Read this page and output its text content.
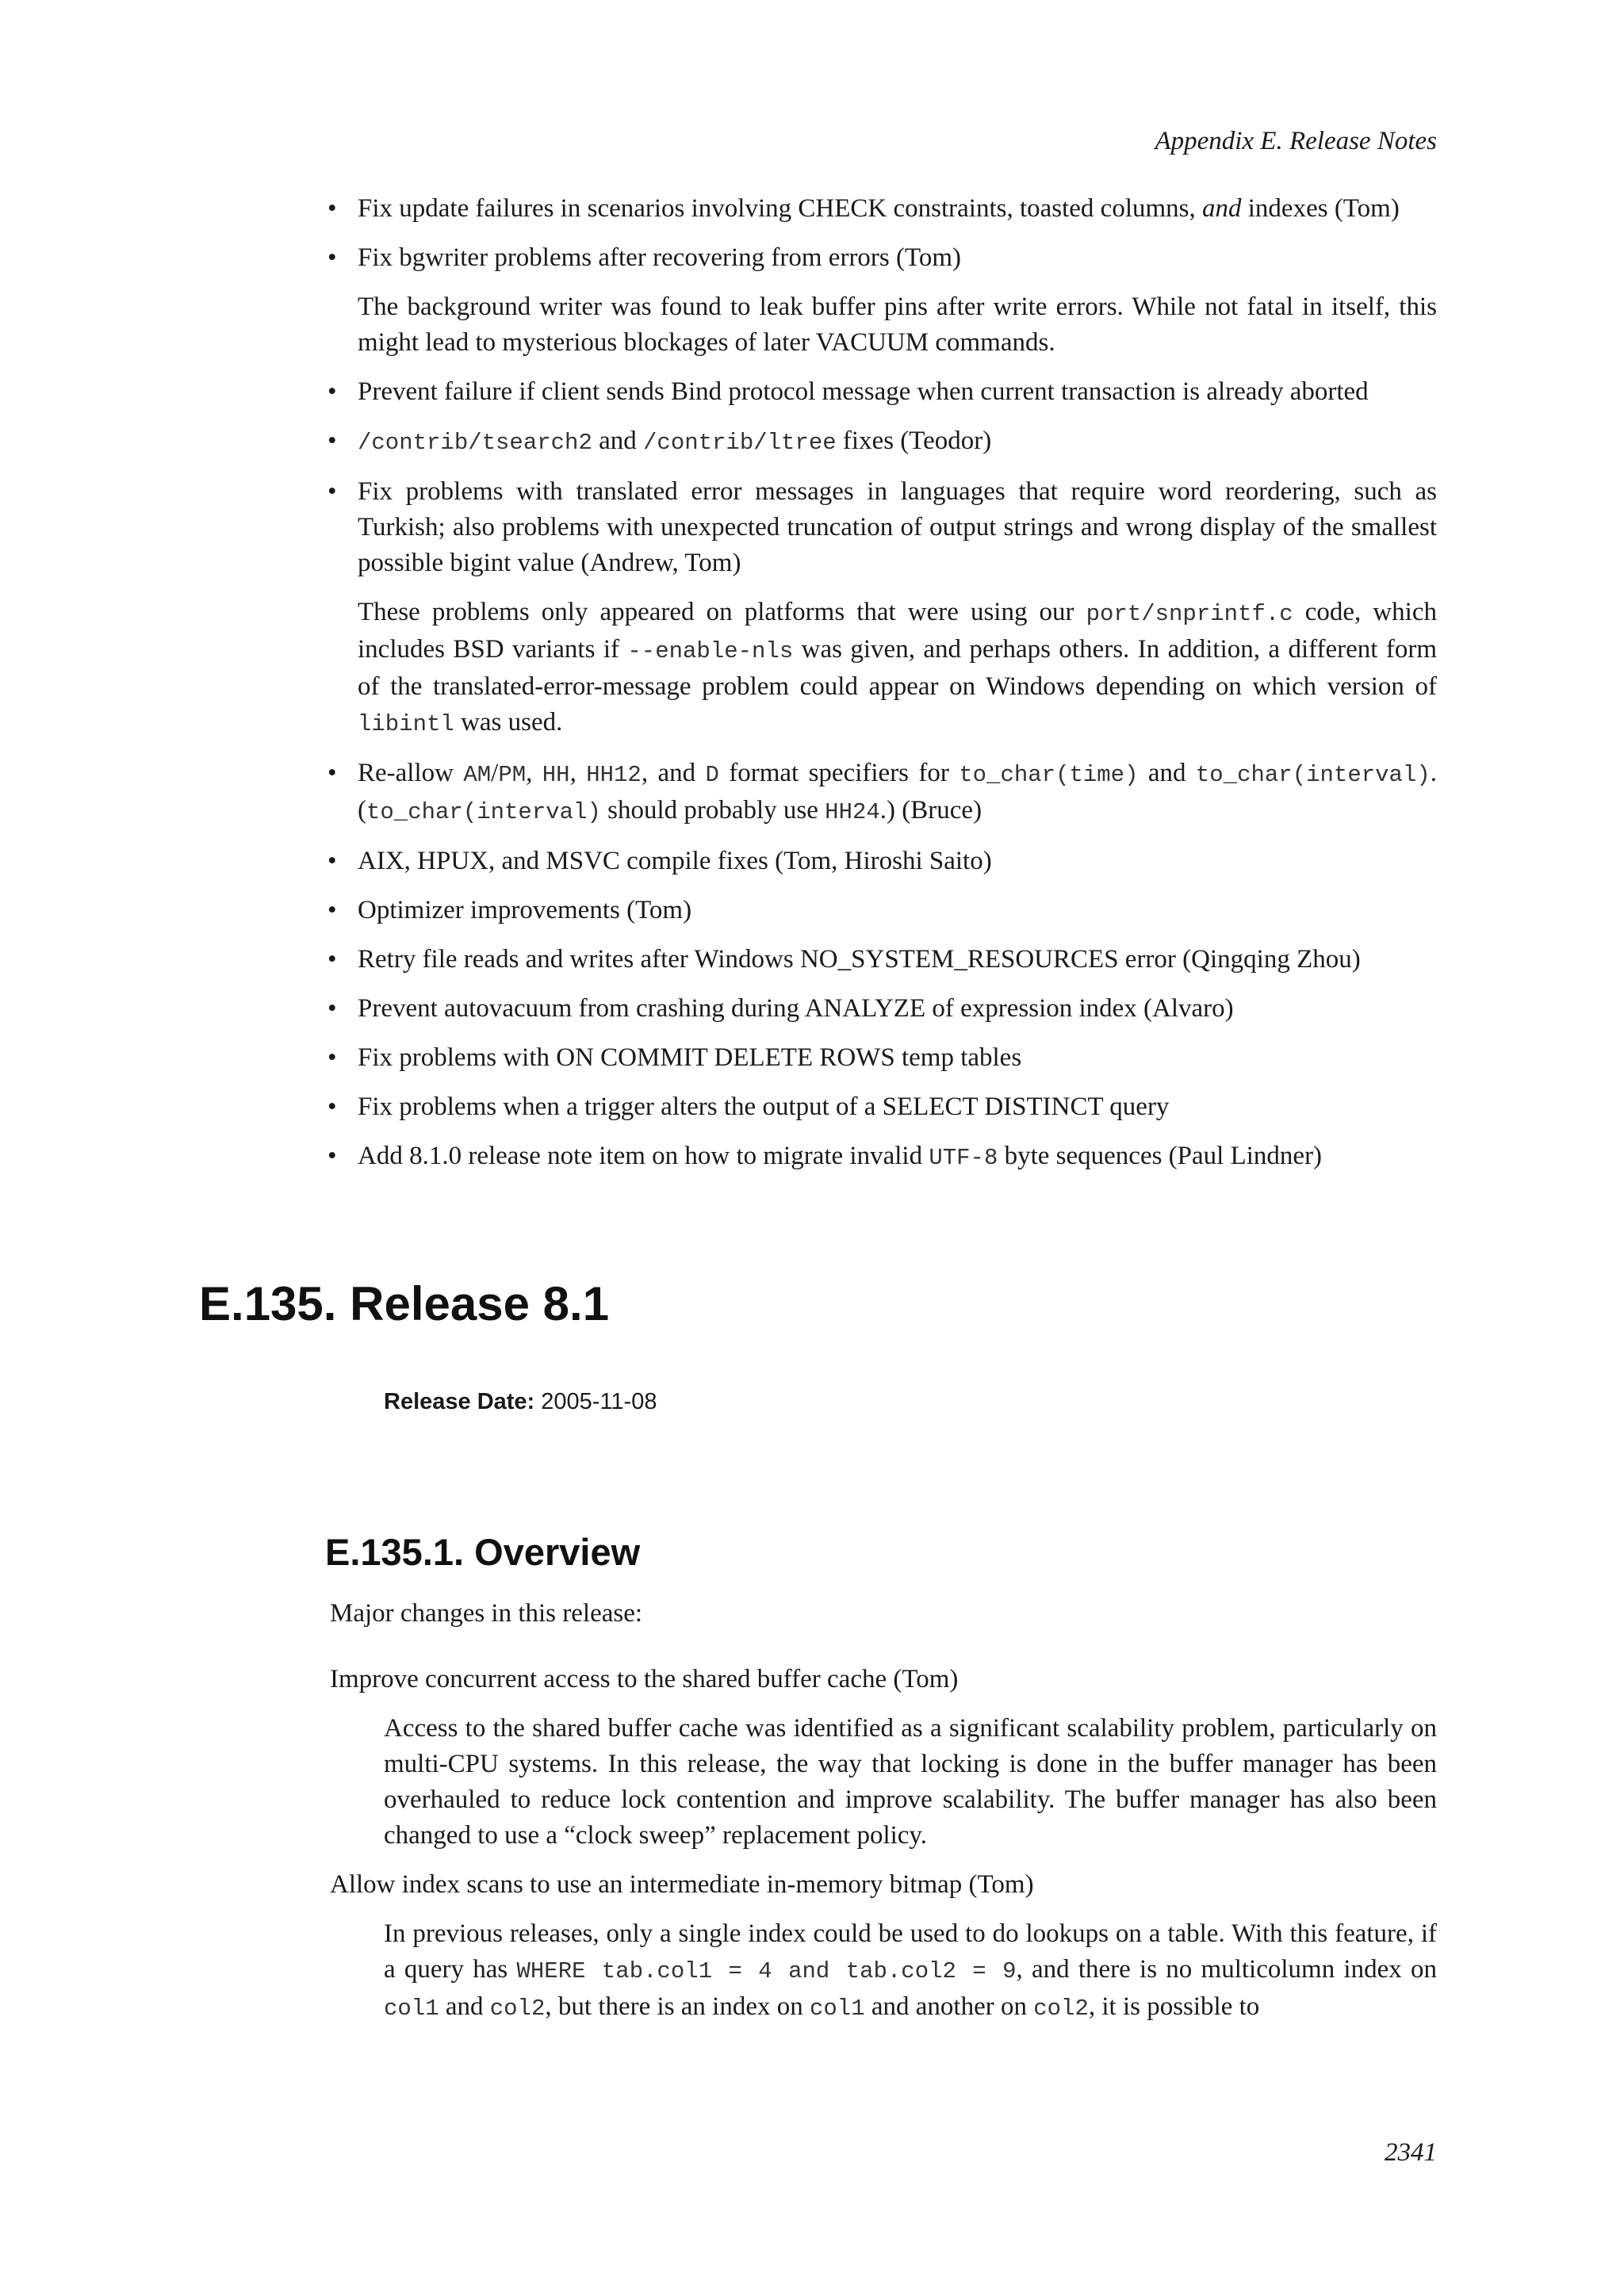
Appendix E. Release Notes
• Fix update failures in scenarios involving CHECK constraints, toasted columns, and indexes (Tom)

• Fix bgwriter problems after recovering from errors (Tom)

The background writer was found to leak buffer pins after write errors. While not fatal in itself, this might lead to mysterious blockages of later VACUUM commands.

• Prevent failure if client sends Bind protocol message when current transaction is already aborted

• /contrib/tsearch2 and /contrib/ltree fixes (Teodor)

• Fix problems with translated error messages in languages that require word reordering, such as Turkish; also problems with unexpected truncation of output strings and wrong display of the smallest possible bigint value (Andrew, Tom)

These problems only appeared on platforms that were using our port/snprintf.c code, which includes BSD variants if --enable-nls was given, and perhaps others. In addition, a different form of the translated-error-message problem could appear on Windows depending on which version of libintl was used.

• Re-allow AM/PM, HH, HH12, and D format specifiers for to_char(time) and to_char(interval). (to_char(interval) should probably use HH24.) (Bruce)

• AIX, HPUX, and MSVC compile fixes (Tom, Hiroshi Saito)

• Optimizer improvements (Tom)

• Retry file reads and writes after Windows NO_SYSTEM_RESOURCES error (Qingqing Zhou)

• Prevent autovacuum from crashing during ANALYZE of expression index (Alvaro)

• Fix problems with ON COMMIT DELETE ROWS temp tables

• Fix problems when a trigger alters the output of a SELECT DISTINCT query

• Add 8.1.0 release note item on how to migrate invalid UTF-8 byte sequences (Paul Lindner)

E.135. Release 8.1
Release Date: 2005-11-08
E.135.1. Overview

Major changes in this release:

Improve concurrent access to the shared buffer cache (Tom)
Access to the shared buffer cache was identified as a significant scalability problem, particularly on multi-CPU systems. In this release, the way that locking is done in the buffer manager has been overhauled to reduce lock contention and improve scalability. The buffer manager has also been changed to use a “clock sweep” replacement policy.
Allow index scans to use an intermediate in-memory bitmap (Tom)
In previous releases, only a single index could be used to do lookups on a table. With this feature, if a query has WHERE tab.col1 = 4 and tab.col2 = 9, and there is no multicolumn index on col1 and col2, but there is an index on col1 and another on col2, it is possible to
2341
